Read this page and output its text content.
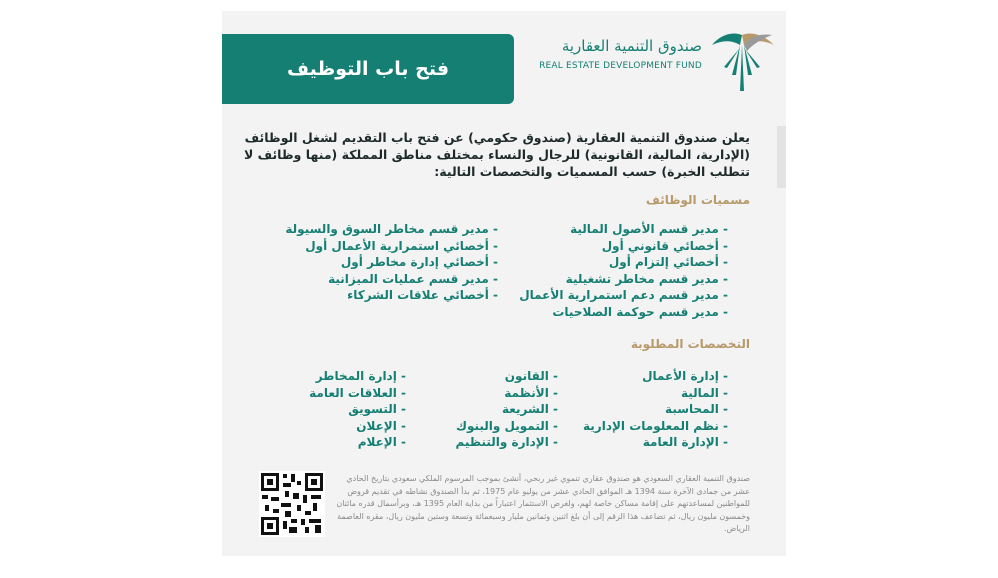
فتح باب التوظيف
صندوق التنمية العقارية
REAL ESTATE DEVELOPMENT FUND
يعلن صندوق التنمية العقارية (صندوق حكومي) عن فتح باب التقديم لشغل الوظائف (الإدارية، المالية، القانونية) للرجال والنساء بمختلف مناطق المملكة (منها وظائف لا تتطلب الخبرة) حسب المسميات والتخصصات التالية:
مسميات الوظائف
- مدير قسم الأصول المالية
- أخصائي قانوني أول
- أخصائي إلتزام أول
- مدير قسم مخاطر تشغيلية
- مدير قسم دعم استمرارية الأعمال
- مدير قسم حوكمة الصلاحيات
- مدير قسم مخاطر السوق والسيولة
- أخصائي استمرارية الأعمال أول
- أخصائي إدارة مخاطر أول
- مدير قسم عمليات الميزانية
- أخصائي علاقات الشركاء
التخصصات المطلوبة
- إدارة الأعمال
- المالية
- المحاسبة
- نظم المعلومات الإدارية
- الإدارة العامة
- القانون
- الأنظمة
- الشريعة
- التمويل والبنوك
- الإدارة والتنظيم
- إدارة المخاطر
- العلاقات العامة
- التسويق
- الإعلان
- الإعلام
صندوق التنمية العقاري السعودي هو صندوق عقاري تنموي غير ربحي، أنشئ بموجب المرسوم الملكي سعودي بتاريخ الحادي عشر من جمادى الآخرة سنة 1394 هـ الموافق الحادي عشر من يوليو عام 1975، ثم بدأ الصندوق نشاطه في تقديم قروض للمواطنين لمساعدتهم على إقامة مساكن خاصة لهم، ولغرض الاستثمار اعتباراً من بداية العام 1395 هـ، وبرأسمال قدره مائتان وخمسون مليون ريال، ثم تضاعف هذا الرقم إلى أن بلغ اثنين وثمانين مليار وسبعمائة وتسعة وستين مليون ريال، مقره العاصمة الرياض.
